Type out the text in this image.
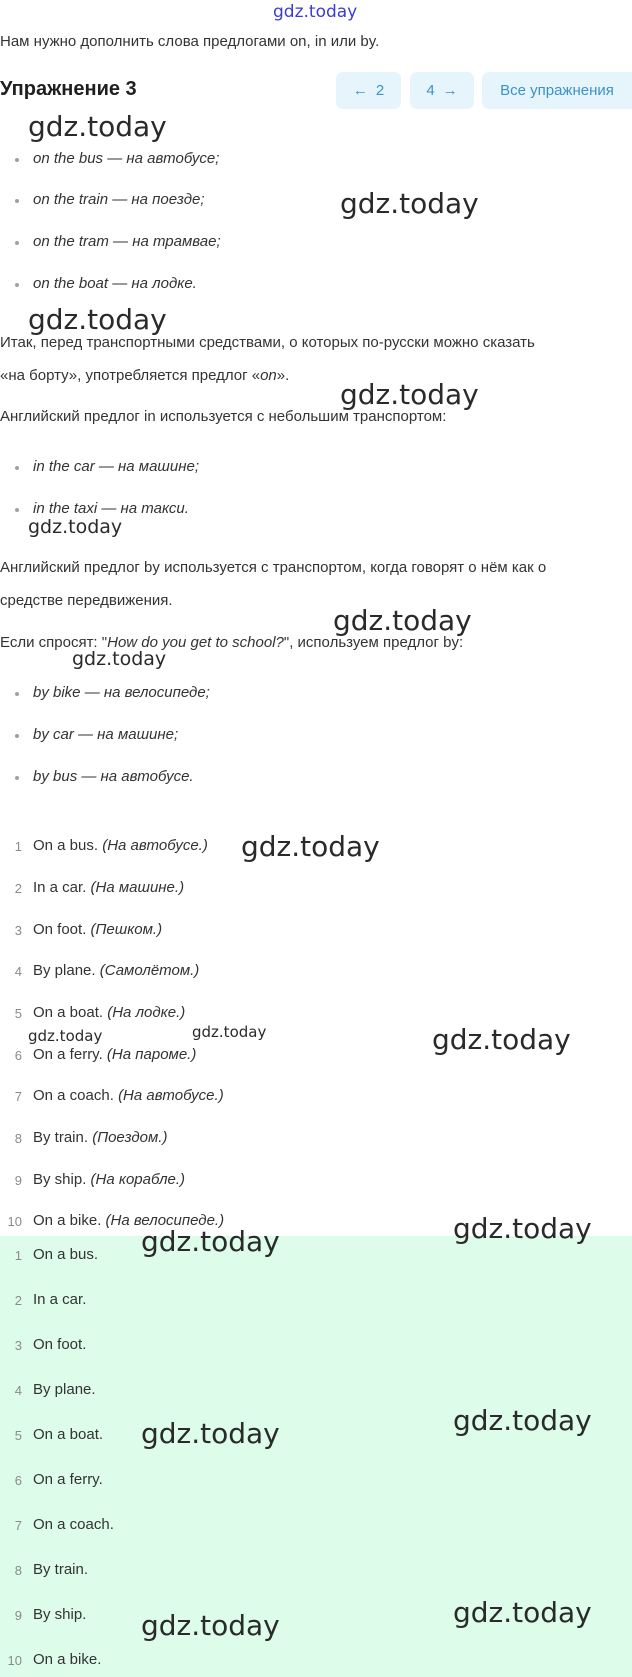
gdz.today
Нам нужно дополнить слова предлогами on, in или by.
Упражнение 3	← 2	4 →	Все упражнения
on the bus — на автобусе;
on the train — на поезде;
on the tram — на трамвае;
on the boat — на лодке.
Итак, перед транспортными средствами, о которых по-русски можно сказать
«на борту», употребляется предлог «on».
Английский предлог in используется с небольшим транспортом:
in the car — на машине;
in the taxi — на такси.
Английский предлог by используется с транспортом, когда говорят о нём как о
средстве передвижения.
Если спросят: "How do you get to school?", используем предлог by:
by bike — на велосипеде;
by car — на машине;
by bus — на автобусе.
1 On a bus. (На автобусе.)
2 In a car. (На машине.)
3 On foot. (Пешком.)
4 By plane. (Самолётом.)
5 On a boat. (На лодке.)
6 On a ferry. (На пароме.)
7 On a coach. (На автобусе.)
8 By train. (Поездом.)
9 By ship. (На корабле.)
10 On a bike. (На велосипеде.)
1 On a bus.
2 In a car.
3 On foot.
4 By plane.
5 On a boat.
6 On a ferry.
7 On a coach.
8 By train.
9 By ship.
10 On a bike.
gdz.today
gdz.today
gdz.today
gdz.today
gdz.today
gdz.today
gdz.today
gdz.today
gdz.today	gdz.today	gdz.today
gdz.today
gdz.today
gdz.today
gdz.today
gdz.today
gdz.today
